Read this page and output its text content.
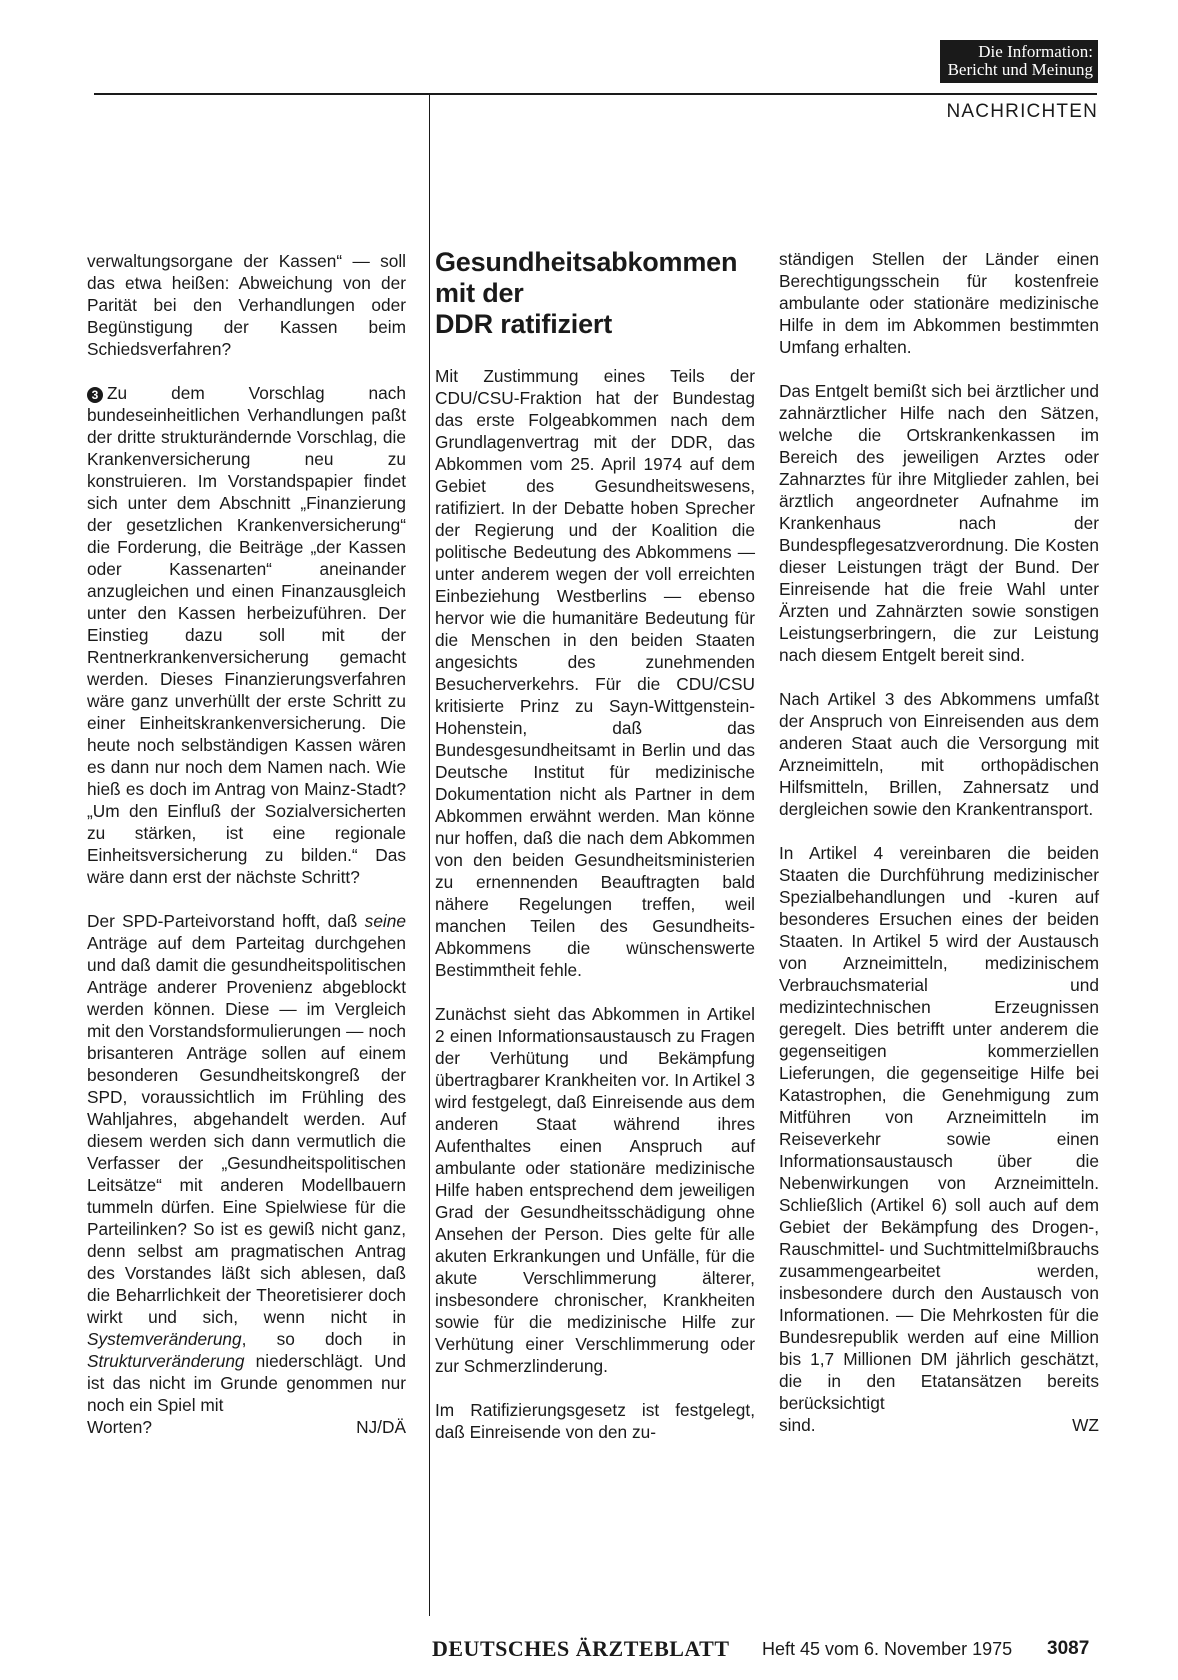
Die Information:
Bericht und Meinung
NACHRICHTEN

verwaltungsorgane der Kassen“ — soll das etwa heißen: Abweichung von der Parität bei den Verhandlungen oder Begünstigung der Kassen beim Schiedsverfahren?

3 Zu dem Vorschlag nach bundeseinheitlichen Verhandlungen paßt der dritte strukturändernde Vorschlag, die Krankenversicherung neu zu konstruieren. Im Vorstandspapier findet sich unter dem Abschnitt „Finanzierung der gesetzlichen Krankenversicherung“ die Forderung, die Beiträge „der Kassen oder Kassenarten“ aneinander anzugleichen und einen Finanzausgleich unter den Kassen herbeizuführen. Der Einstieg dazu soll mit der Rentnerkrankenversicherung gemacht werden. Dieses Finanzierungsverfahren wäre ganz unverhüllt der erste Schritt zu einer Einheitskrankenversicherung. Die heute noch selbständigen Kassen wären es dann nur noch dem Namen nach. Wie hieß es doch im Antrag von Mainz-Stadt? „Um den Einfluß der Sozialversicherten zu stärken, ist eine regionale Einheitsversicherung zu bilden.“ Das wäre dann erst der nächste Schritt?

Der SPD-Parteivorstand hofft, daß seine Anträge auf dem Parteitag durchgehen und daß damit die gesundheitspolitischen Anträge anderer Provenienz abgeblockt werden können. Diese — im Vergleich mit den Vorstandsformulierungen — noch brisanteren Anträge sollen auf einem besonderen Gesundheitskongreß der SPD, voraussichtlich im Frühling des Wahljahres, abgehandelt werden. Auf diesem werden sich dann vermutlich die Verfasser der „Gesundheitspolitischen Leitsätze“ mit anderen Modellbauern tummeln dürfen. Eine Spielwiese für die Parteilinken? So ist es gewiß nicht ganz, denn selbst am pragmatischen Antrag des Vorstandes läßt sich ablesen, daß die Beharrlichkeit der Theoretisierer doch wirkt und sich, wenn nicht in Systemveränderung, so doch in Strukturveränderung niederschlägt. Und ist das nicht im Grunde genommen nur noch ein Spiel mit

Worten?	NJ/DÄ
Gesundheitsabkommen
mit der
DDR ratifiziert

Mit Zustimmung eines Teils der CDU/CSU-Fraktion hat der Bundestag das erste Folgeabkommen nach dem Grundlagenvertrag mit der DDR, das Abkommen vom 25. April 1974 auf dem Gebiet des Gesundheitswesens, ratifiziert. In der Debatte hoben Sprecher der Regierung und der Koalition die politische Bedeutung des Abkommens — unter anderem wegen der voll erreichten Einbeziehung Westberlins — ebenso hervor wie die humanitäre Bedeutung für die Menschen in den beiden Staaten angesichts des zunehmenden Besucherverkehrs. Für die CDU/CSU kritisierte Prinz zu Sayn-Wittgenstein-Hohenstein, daß das Bundesgesundheitsamt in Berlin und das Deutsche Institut für medizinische Dokumentation nicht als Partner in dem Abkommen erwähnt werden. Man könne nur hoffen, daß die nach dem Abkommen von den beiden Gesundheitsministerien zu ernennenden Beauftragten bald nähere Regelungen treffen, weil manchen Teilen des Gesundheits-Abkommens die wünschenswerte Bestimmtheit fehle.

Zunächst sieht das Abkommen in Artikel 2 einen Informationsaustausch zu Fragen der Verhütung und Bekämpfung übertragbarer Krankheiten vor. In Artikel 3 wird festgelegt, daß Einreisende aus dem anderen Staat während ihres Aufenthaltes einen Anspruch auf ambulante oder stationäre medizinische Hilfe haben entsprechend dem jeweiligen Grad der Gesundheitsschädigung ohne Ansehen der Person. Dies gelte für alle akuten Erkrankungen und Unfälle, für die akute Verschlimmerung älterer, insbesondere chronischer, Krankheiten sowie für die medizinische Hilfe zur Verhütung einer Verschlimmerung oder zur Schmerzlinderung.

Im Ratifizierungsgesetz ist festgelegt, daß Einreisende von den zu-

ständigen Stellen der Länder einen Berechtigungsschein für kostenfreie ambulante oder stationäre medizinische Hilfe in dem im Abkommen bestimmten Umfang erhalten.

Das Entgelt bemißt sich bei ärztlicher und zahnärztlicher Hilfe nach den Sätzen, welche die Ortskrankenkassen im Bereich des jeweiligen Arztes oder Zahnarztes für ihre Mitglieder zahlen, bei ärztlich angeordneter Aufnahme im Krankenhaus nach der Bundespflegesatzverordnung. Die Kosten dieser Leistungen trägt der Bund. Der Einreisende hat die freie Wahl unter Ärzten und Zahnärzten sowie sonstigen Leistungserbringern, die zur Leistung nach diesem Entgelt bereit sind.

Nach Artikel 3 des Abkommens umfaßt der Anspruch von Einreisenden aus dem anderen Staat auch die Versorgung mit Arzneimitteln, mit orthopädischen Hilfsmitteln, Brillen, Zahnersatz und dergleichen sowie den Krankentransport.

In Artikel 4 vereinbaren die beiden Staaten die Durchführung medizinischer Spezialbehandlungen und -kuren auf besonderes Ersuchen eines der beiden Staaten. In Artikel 5 wird der Austausch von Arzneimitteln, medizinischem Verbrauchsmaterial und medizintechnischen Erzeugnissen geregelt. Dies betrifft unter anderem die gegenseitigen kommerziellen Lieferungen, die gegenseitige Hilfe bei Katastrophen, die Genehmigung zum Mitführen von Arzneimitteln im Reiseverkehr sowie einen Informationsaustausch über die Nebenwirkungen von Arzneimitteln. Schließlich (Artikel 6) soll auch auf dem Gebiet der Bekämpfung des Drogen-, Rauschmittel- und Suchtmittelmißbrauchs zusammengearbeitet werden, insbesondere durch den Austausch von Informationen. — Die Mehrkosten für die Bundesrepublik werden auf eine Million bis 1,7 Millionen DM jährlich geschätzt, die in den Etatansätzen bereits berücksichtigt

sind.	WZ
DEUTSCHES ÄRZTEBLATT Heft 45 vom 6. November 1975 3087
